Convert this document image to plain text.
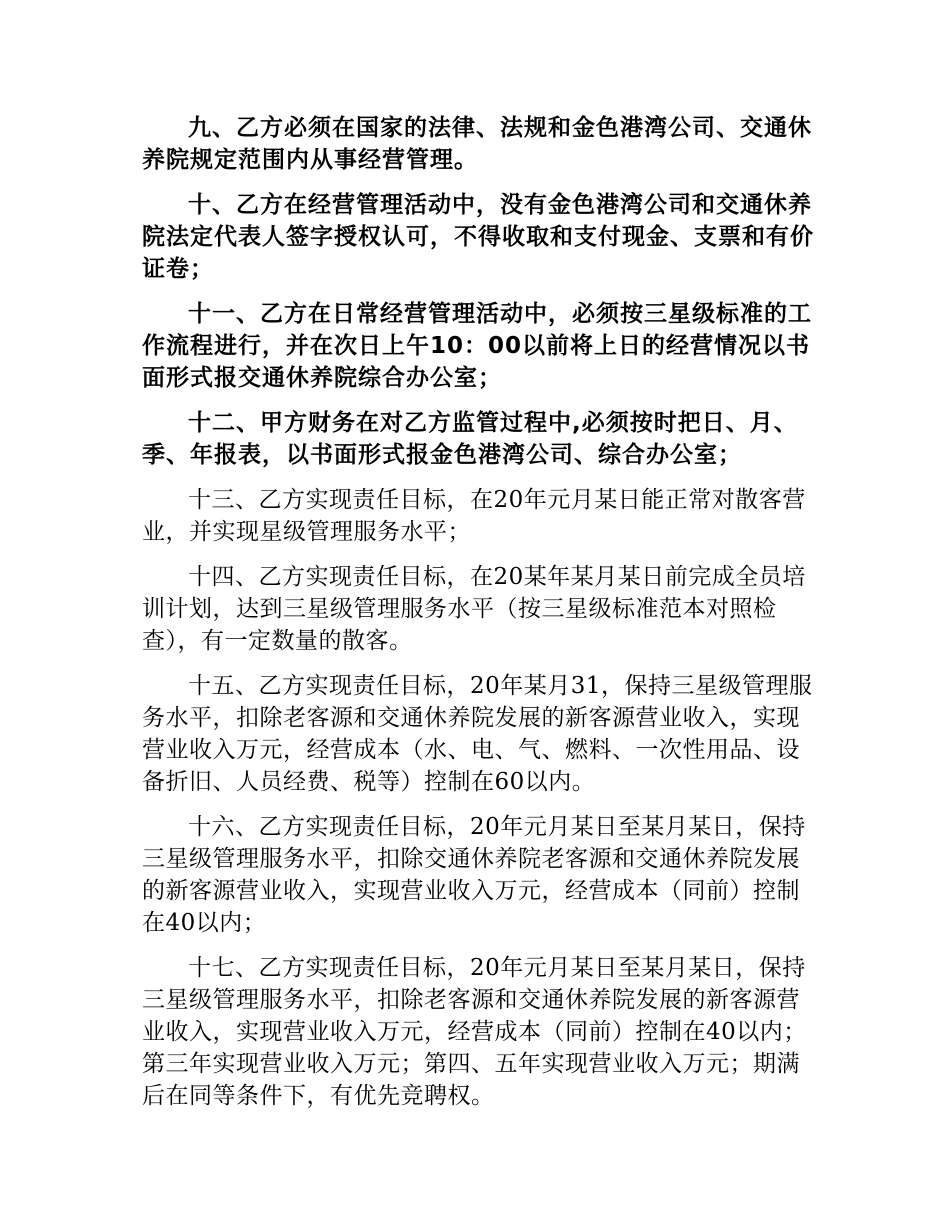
九、乙方必须在国家的法律、法规和金色港湾公司、交通休养院规定范围内从事经营管理。

十、乙方在经营管理活动中，没有金色港湾公司和交通休养院法定代表人签字授权认可，不得收取和支付现金、支票和有价证卷；

十一、乙方在日常经营管理活动中，必须按三星级标准的工作流程进行，并在次日上午10：00以前将上日的经营情况以书面形式报交通休养院综合办公室；

十二、甲方财务在对乙方监管过程中,必须按时把日、月、季、年报表，以书面形式报金色港湾公司、综合办公室；

十三、乙方实现责任目标，在20年元月某日能正常对散客营业，并实现星级管理服务水平；

十四、乙方实现责任目标，在20某年某月某日前完成全员培训计划，达到三星级管理服务水平（按三星级标准范本对照检查），有一定数量的散客。

十五、乙方实现责任目标，20年某月31，保持三星级管理服务水平，扣除老客源和交通休养院发展的新客源营业收入，实现营业收入万元，经营成本（水、电、气、燃料、一次性用品、设备折旧、人员经费、税等）控制在60以内。

十六、乙方实现责任目标，20年元月某日至某月某日，保持三星级管理服务水平，扣除交通休养院老客源和交通休养院发展的新客源营业收入，实现营业收入万元，经营成本（同前）控制在40以内；

十七、乙方实现责任目标，20年元月某日至某月某日，保持三星级管理服务水平，扣除老客源和交通休养院发展的新客源营业收入，实现营业收入万元，经营成本（同前）控制在40以内；第三年实现营业收入万元；第四、五年实现营业收入万元；期满后在同等条件下，有优先竞聘权。
